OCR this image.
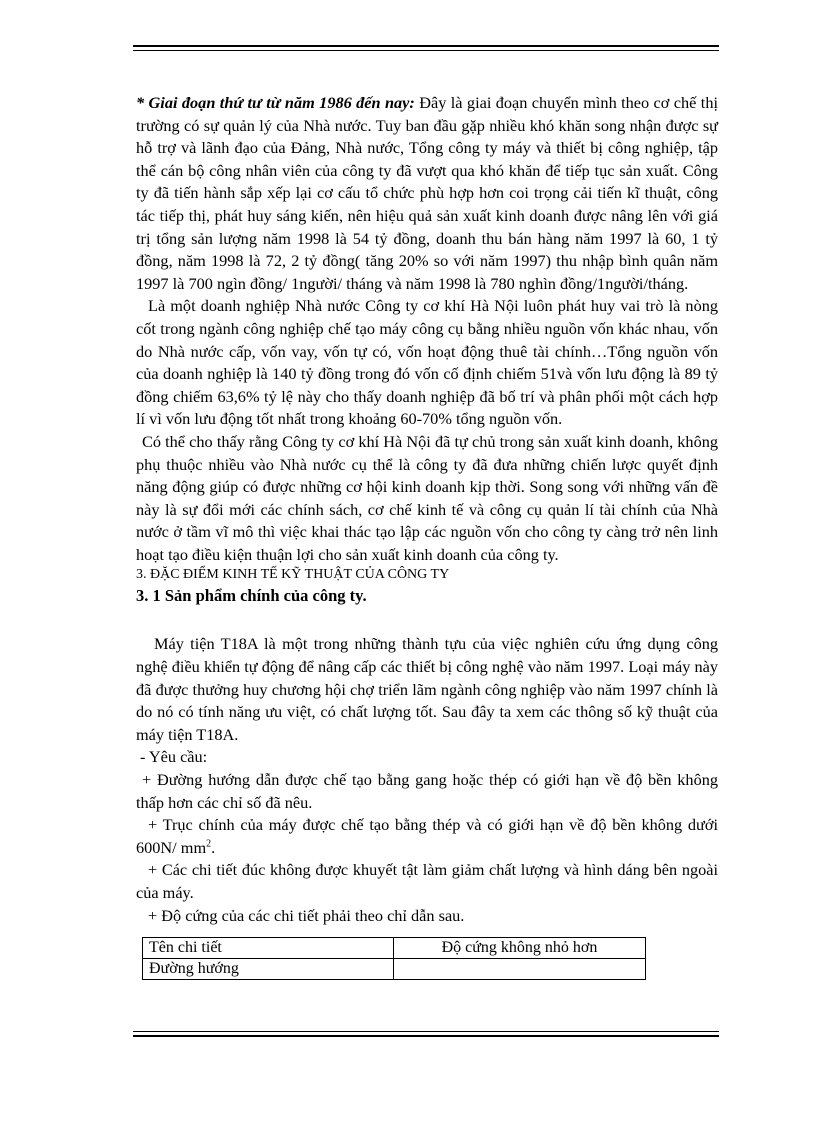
* Giai đoạn thứ tư từ năm 1986 đến nay: Đây là giai đoạn chuyển mình theo cơ chế thị trường có sự quản lý của Nhà nước. Tuy ban đầu gặp nhiều khó khăn song nhận được sự hỗ trợ và lãnh đạo của Đảng, Nhà nước, Tổng công ty máy và thiết bị công nghiệp, tập thể cán bộ công nhân viên của công ty đã vượt qua khó khăn để tiếp tục sản xuất. Công ty đã tiến hành sắp xếp lại cơ cấu tổ chức phù hợp hơn coi trọng cải tiến kĩ thuật, công tác tiếp thị, phát huy sáng kiến, nên hiệu quả sản xuất kinh doanh được nâng lên với giá trị tổng sản lượng năm 1998 là 54 tỷ đồng, doanh thu bán hàng năm 1997 là 60, 1 tỷ đồng, năm 1998 là 72, 2 tỷ đồng( tăng 20% so với năm 1997) thu nhập bình quân năm 1997 là 700 ngìn đồng/ 1người/ tháng và năm 1998 là 780 nghìn đồng/1người/tháng.

Là một doanh nghiệp Nhà nước Công ty cơ khí Hà Nội luôn phát huy vai trò là nòng cốt trong ngành công nghiệp chế tạo máy công cụ bằng nhiều nguồn vốn khác nhau, vốn do Nhà nước cấp, vốn vay, vốn tự có, vốn hoạt động thuê tài chính…Tổng nguồn vốn của doanh nghiệp là 140 tỷ đồng trong đó vốn cố định chiếm 51và vốn lưu động là 89 tỷ đồng chiếm 63,6% tỷ lệ này cho thấy doanh nghiệp đã bố trí và phân phối một cách hợp lí vì vốn lưu động tốt nhất trong khoảng 60-70% tổng nguồn vốn.

Có thể cho thấy rằng Công ty cơ khí Hà Nội đã tự chủ trong sản xuất kinh doanh, không phụ thuộc nhiều vào Nhà nước cụ thể là công ty đã đưa những chiến lược quyết định năng động giúp có được những cơ hội kinh doanh kịp thời. Song song với những vấn đề này là sự đổi mới các chính sách, cơ chế kinh tế và công cụ quản lí tài chính của Nhà nước ở tầm vĩ mô thì việc khai thác tạo lập các nguồn vốn cho công ty càng trở nên linh hoạt tạo điều kiện thuận lợi cho sản xuất kinh doanh của công ty.

3. ĐẶC ĐIỂM KINH TẾ KỸ THUẬT CỦA CÔNG TY
3. 1 Sản phẩm chính của công ty.

Máy tiện T18A là một trong những thành tựu của việc nghiên cứu ứng dụng công nghệ điều khiển tự động để nâng cấp các thiết bị công nghệ vào năm 1997. Loại máy này đã được thưởng huy chương hội chợ triển lãm ngành công nghiệp vào năm 1997 chính là do nó có tính năng ưu việt, có chất lượng tốt. Sau đây ta xem các thông số kỹ thuật của máy tiện T18A.

- Yêu cầu:

+ Đường hướng dẫn được chế tạo bằng gang hoặc thép có giới hạn về độ bền không thấp hơn các chỉ số đã nêu.

+ Trục chính của máy được chế tạo bằng thép và có giới hạn về độ bền không dưới 600N/ $mm^2$.

+ Các chi tiết đúc không được khuyết tật làm giảm chất lượng và hình dáng bên ngoài của máy.

+ Độ cứng của các chi tiết phải theo chỉ dẫn sau.

Tên chi tiết	Độ cứng không nhỏ hơn
Đường hướng	
